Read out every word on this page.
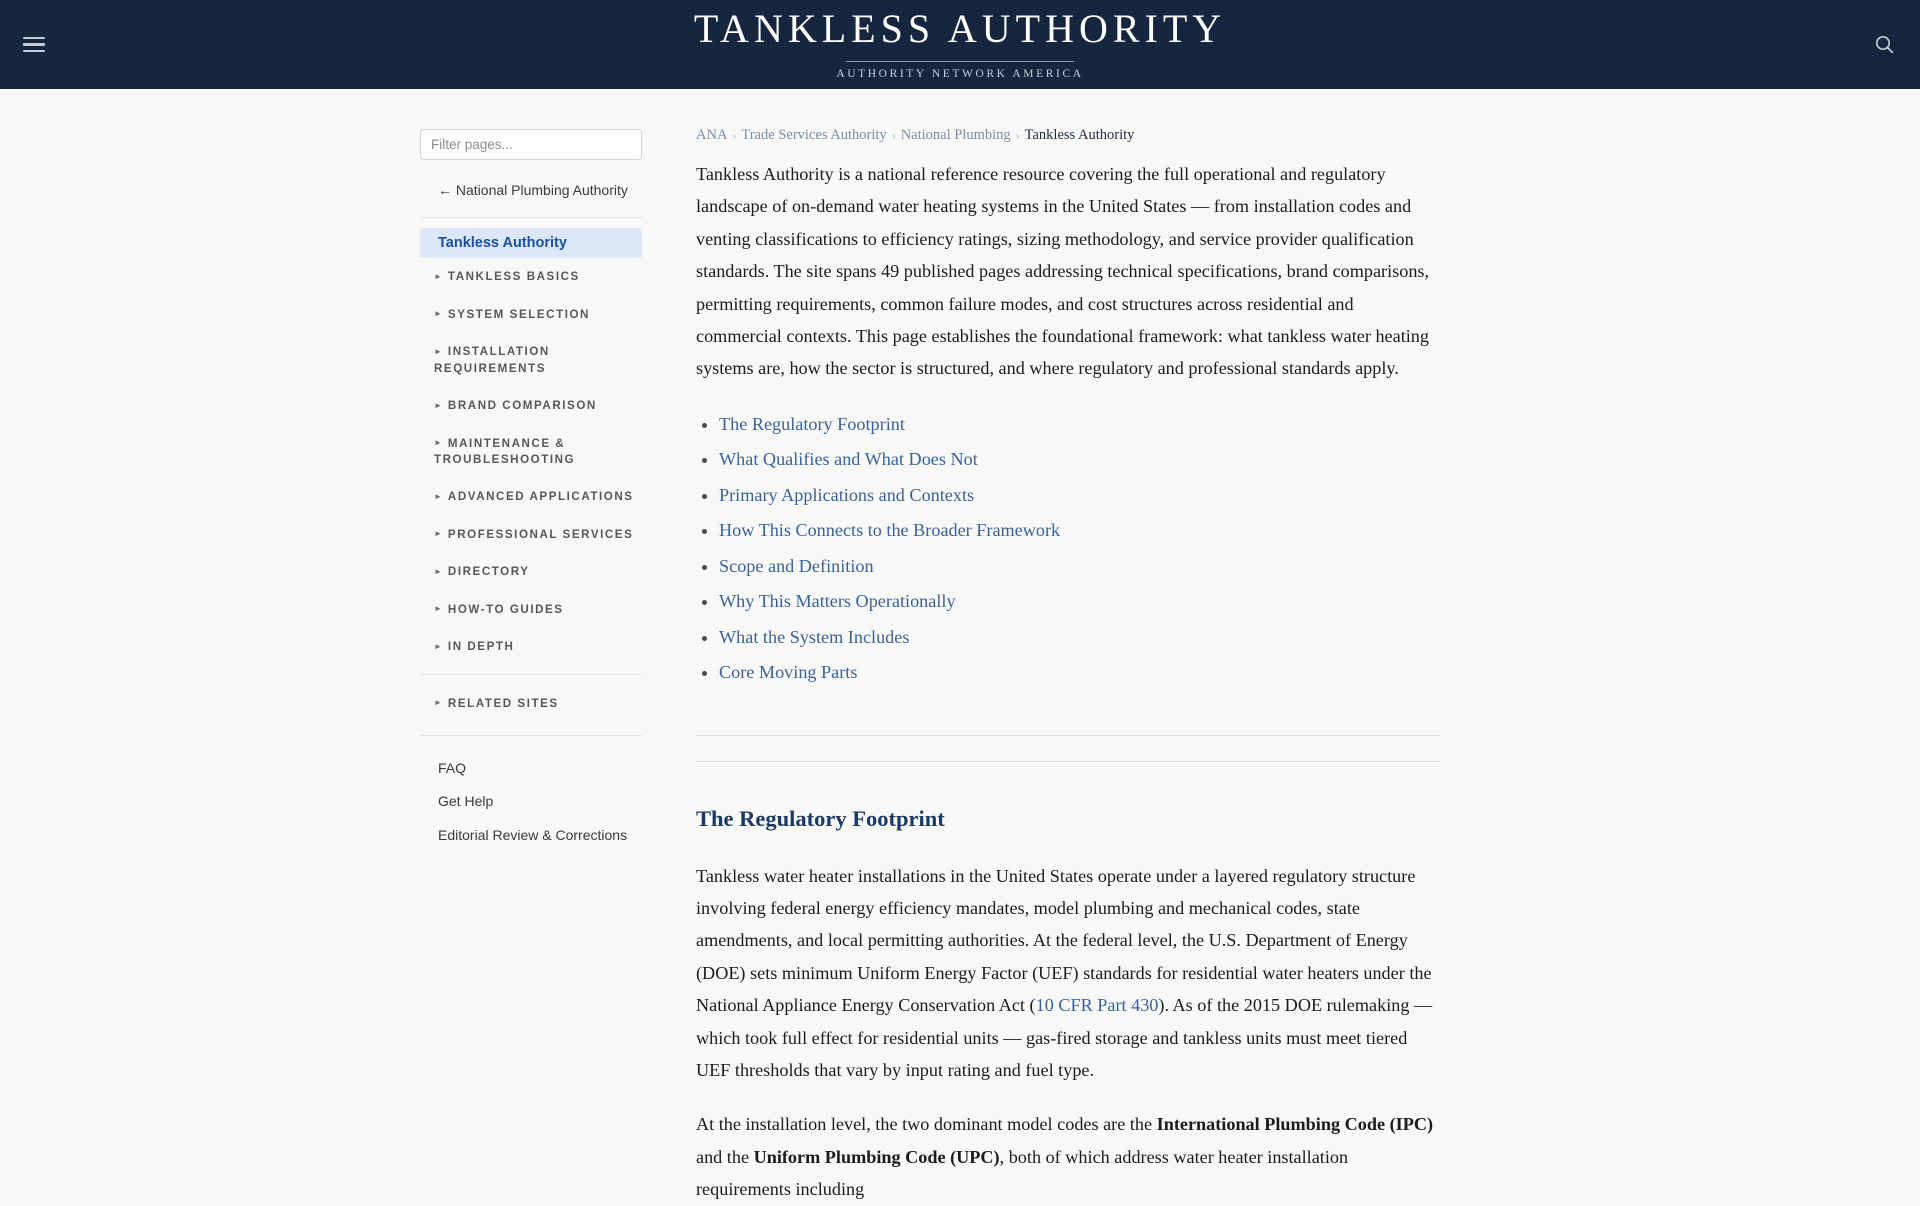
TANKLESS AUTHORITY
AUTHORITY NETWORK AMERICA
Filter pages...
← National Plumbing Authority
Tankless Authority
► TANKLESS BASICS
► SYSTEM SELECTION
► INSTALLATION REQUIREMENTS
► BRAND COMPARISON
► MAINTENANCE & TROUBLESHOOTING
► ADVANCED APPLICATIONS
► PROFESSIONAL SERVICES
► DIRECTORY
► HOW-TO GUIDES
► IN DEPTH
► RELATED SITES
FAQ
Get Help
Editorial Review & Corrections
ANA › Trade Services Authority › National Plumbing › Tankless Authority

Tankless Authority is a national reference resource covering the full operational and regulatory landscape of on-demand water heating systems in the United States — from installation codes and venting classifications to efficiency ratings, sizing methodology, and service provider qualification standards. The site spans 49 published pages addressing technical specifications, brand comparisons, permitting requirements, common failure modes, and cost structures across residential and commercial contexts. This page establishes the foundational framework: what tankless water heating systems are, how the sector is structured, and where regulatory and professional standards apply.

• The Regulatory Footprint
• What Qualifies and What Does Not
• Primary Applications and Contexts
• How This Connects to the Broader Framework
• Scope and Definition
• Why This Matters Operationally
• What the System Includes
• Core Moving Parts
The Regulatory Footprint

Tankless water heater installations in the United States operate under a layered regulatory structure involving federal energy efficiency mandates, model plumbing and mechanical codes, state amendments, and local permitting authorities. At the federal level, the U.S. Department of Energy (DOE) sets minimum Uniform Energy Factor (UEF) standards for residential water heaters under the National Appliance Energy Conservation Act (10 CFR Part 430). As of the 2015 DOE rulemaking — which took full effect for residential units — gas-fired storage and tankless units must meet tiered UEF thresholds that vary by input rating and fuel type.

At the installation level, the two dominant model codes are the International Plumbing Code (IPC) and the Uniform Plumbing Code (UPC), both of which address water heater installation requirements including
